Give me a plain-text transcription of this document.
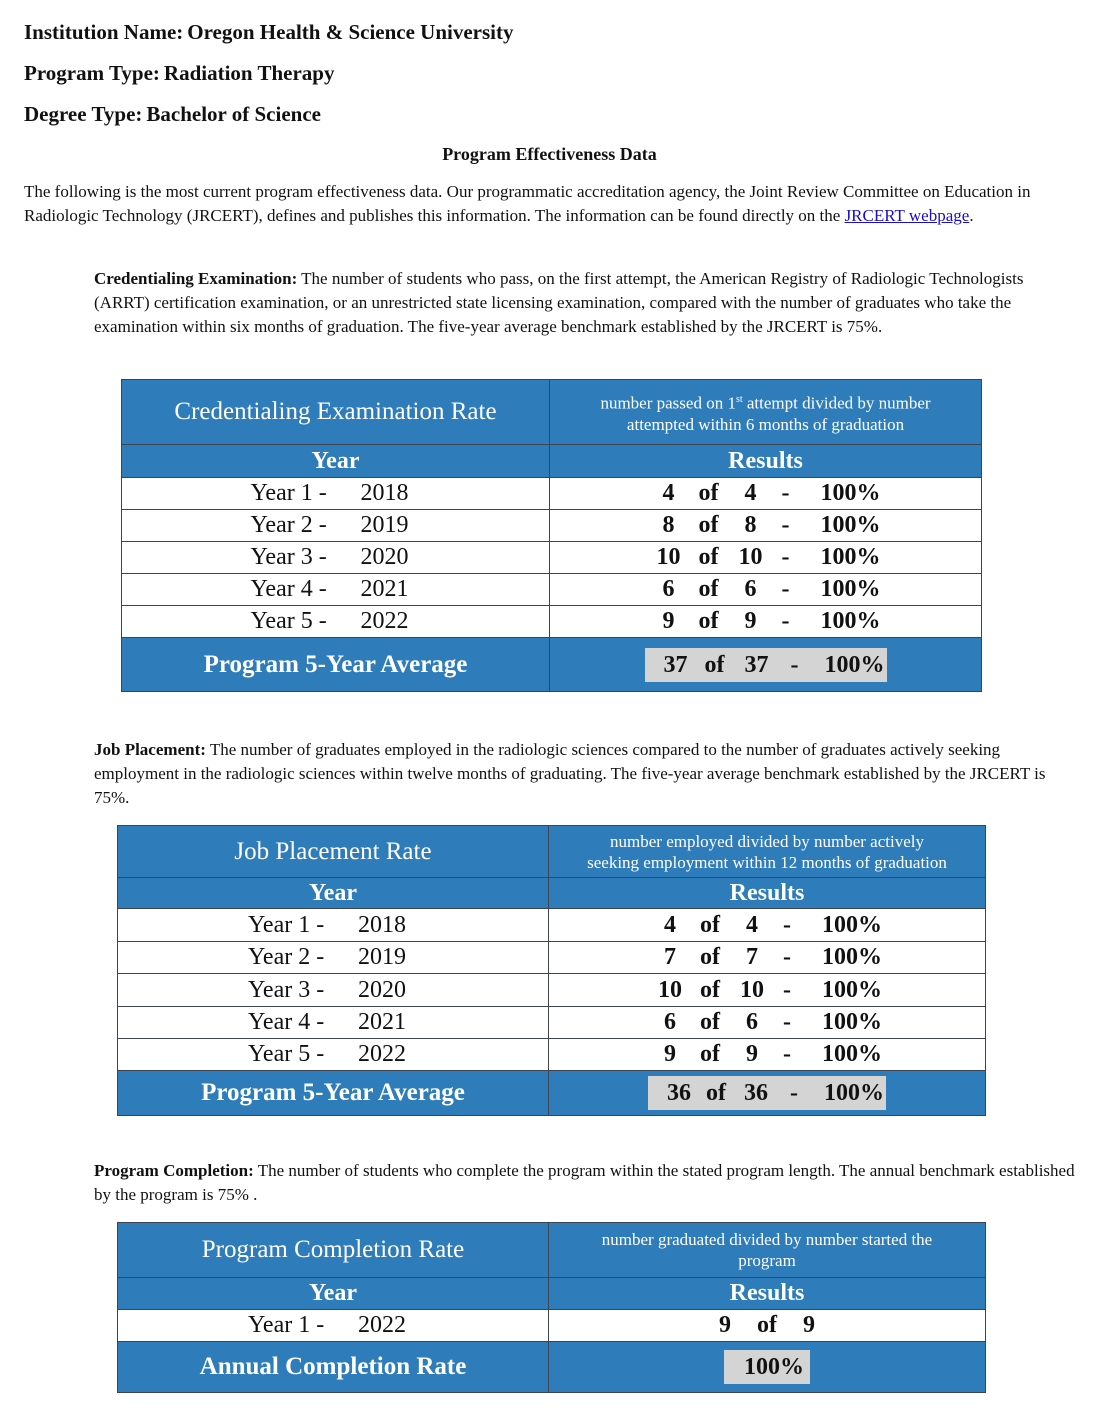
Institution Name: Oregon Health & Science University
Program Type: Radiation Therapy
Degree Type: Bachelor of Science
Program Effectiveness Data
The following is the most current program effectiveness data. Our programmatic accreditation agency, the Joint Review Committee on Education in Radiologic Technology (JRCERT), defines and publishes this information. The information can be found directly on the JRCERT webpage.
Credentialing Examination: The number of students who pass, on the first attempt, the American Registry of Radiologic Technologists (ARRT) certification examination, or an unrestricted state licensing examination, compared with the number of graduates who take the examination within six months of graduation. The five-year average benchmark established by the JRCERT is 75%.
Credentialing Examination Rate	number passed on 1st attempt divided by number
attempted within 6 months of graduation
Year	Results
Year 1 - 2018	4 of 4 - 100%

Year 2 - 2019	8 of 8 - 100%

Year 3 - 2020	10 of 10 - 100%

Year 4 - 2021	6 of 6 - 100%

Year 5 - 2022	9 of 9 - 100%

Program 5-Year Average	37 of 37 - 100%
Job Placement: The number of graduates employed in the radiologic sciences compared to the number of graduates actively seeking employment in the radiologic sciences within twelve months of graduating. The five-year average benchmark established by the JRCERT is 75%.
Job Placement Rate	number employed divided by number actively
seeking employment within 12 months of graduation
Year	Results
Year 1 - 2018	4 of 4 - 100%

Year 2 - 2019	7 of 7 - 100%

Year 3 - 2020	10 of 10 - 100%

Year 4 - 2021	6 of 6 - 100%

Year 5 - 2022	9 of 9 - 100%

Program 5-Year Average	36 of 36 - 100%
Program Completion: The number of students who complete the program within the stated program length. The annual benchmark established by the program is 75% .
Program Completion Rate	number graduated divided by number started the
program
Year	Results
Year 1 - 2022	9 of 9

Annual Completion Rate	100%
